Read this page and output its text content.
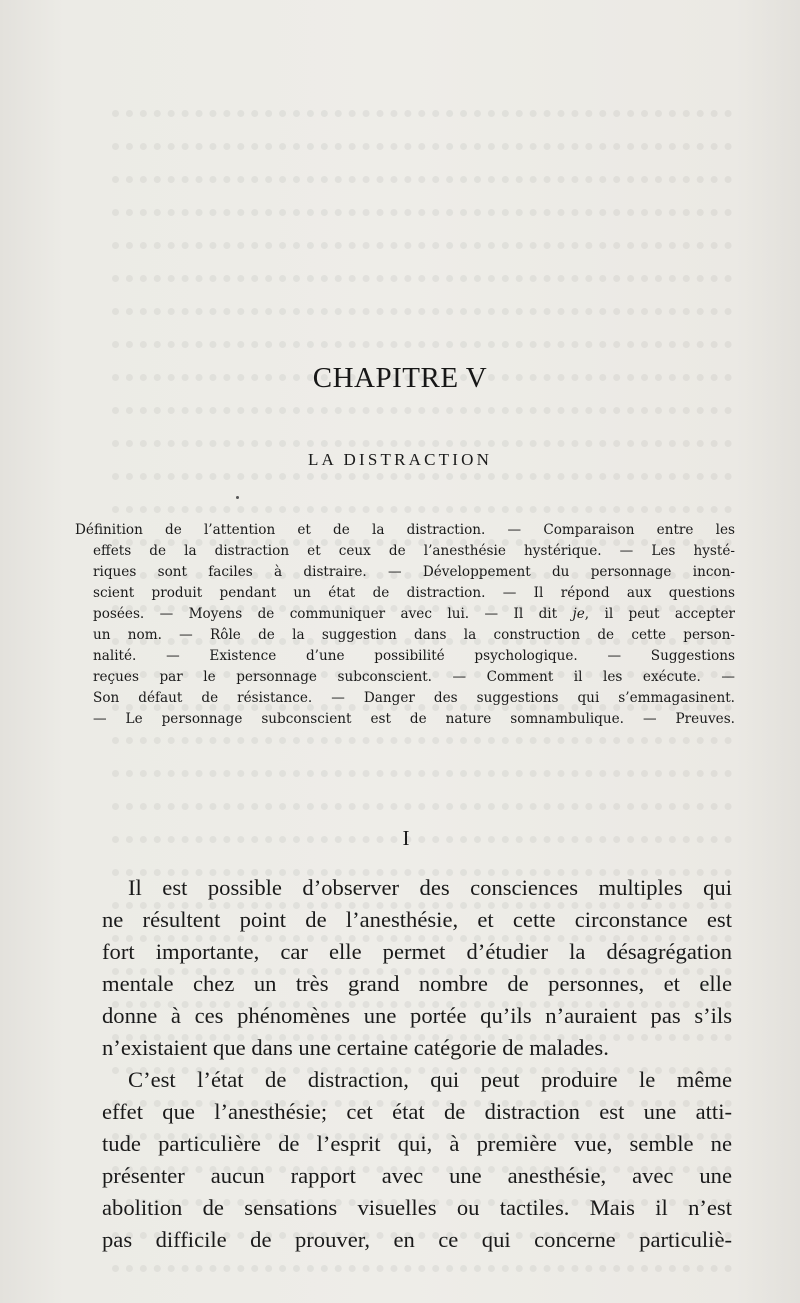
CHAPITRE V
LA DISTRACTION
Définition de l’attention et de la distraction. — Comparaison entre les
effets de la distraction et ceux de l’anesthésie hystérique. — Les hysté-
riques sont faciles à distraire. — Développement du personnage incon-
scient produit pendant un état de distraction. — Il répond aux questions
posées. — Moyens de communiquer avec lui. — Il dit je, il peut accepter
un nom. — Rôle de la suggestion dans la construction de cette person-
nalité. — Existence d’une possibilité psychologique. — Suggestions
reçues par le personnage subconscient. — Comment il les exécute. —
Son défaut de résistance. — Danger des suggestions qui s’emmagasinent.
— Le personnage subconscient est de nature somnambulique. — Preuves.
I
Il est possible d’observer des consciences multiples qui
ne résultent point de l’anesthésie, et cette circonstance est
fort importante, car elle permet d’étudier la désagrégation
mentale chez un très grand nombre de personnes, et elle
donne à ces phénomènes une portée qu’ils n’auraient pas s’ils
n’existaient que dans une certaine catégorie de malades.
C’est l’état de distraction, qui peut produire le même
effet que l’anesthésie; cet état de distraction est une atti-
tude particulière de l’esprit qui, à première vue, semble ne
présenter aucun rapport avec une anesthésie, avec une
abolition de sensations visuelles ou tactiles. Mais il n’est
pas difficile de prouver, en ce qui concerne particuliè-
